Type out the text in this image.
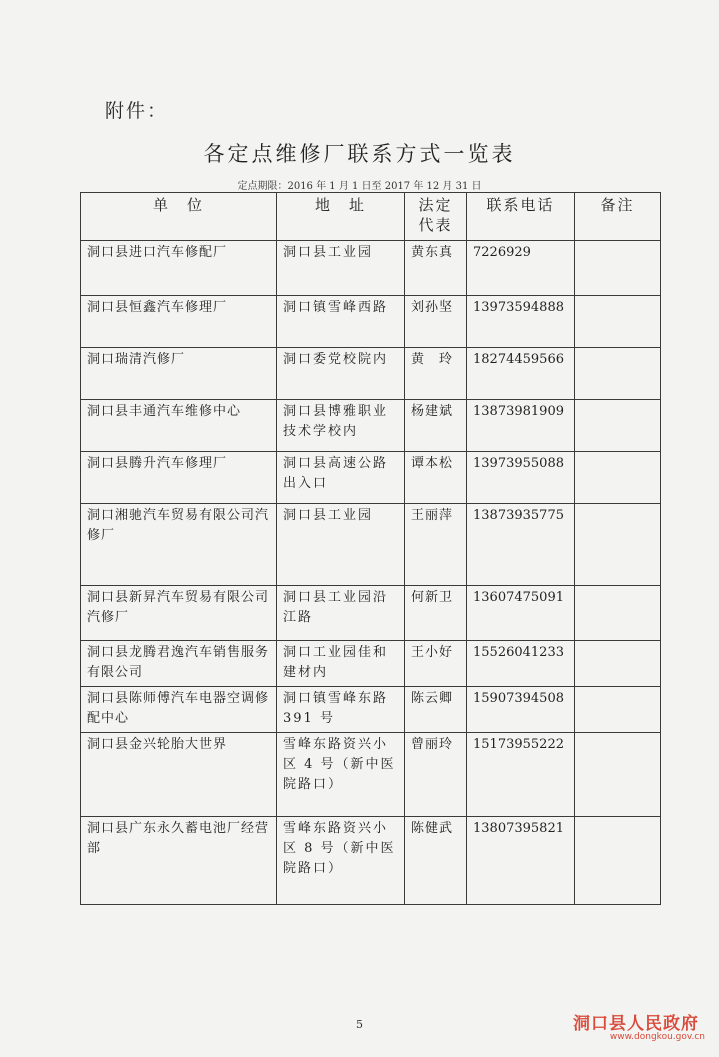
附件：
各定点维修厂联系方式一览表
定点期限：2016 年 1 月 1 日至 2017 年 12 月 31 日
单　位	地　址	法定代表	联系电话	备注
洞口县进口汽车修配厂	洞口县工业园	黄东真	7226929	
洞口县恒鑫汽车修理厂	洞口镇雪峰西路	刘孙坚	13973594888	
洞口瑞清汽修厂	洞口委党校院内	黄　玲	18274459566	
洞口县丰通汽车维修中心	洞口县博雅职业技术学校内	杨建斌	13873981909	
洞口县腾升汽车修理厂	洞口县高速公路出入口	谭本松	13973955088	
洞口湘驰汽车贸易有限公司汽修厂	洞口县工业园	王丽萍	13873935775	
洞口县新昇汽车贸易有限公司汽修厂	洞口县工业园沿江路	何新卫	13607475091	
洞口县龙腾君逸汽车销售服务有限公司	洞口工业园佳和建材内	王小好	15526041233	
洞口县陈师傅汽车电器空调修配中心	洞口镇雪峰东路 391 号	陈云卿	15907394508	
洞口县金兴轮胎大世界	雪峰东路资兴小区 4 号（新中医院路口）	曾丽玲	15173955222	
洞口县广东永久蓄电池厂经营部	雪峰东路资兴小区 8 号（新中医院路口）	陈健武	13807395821	
5	洞口县人民政府
www.dongkou.gov.cn
